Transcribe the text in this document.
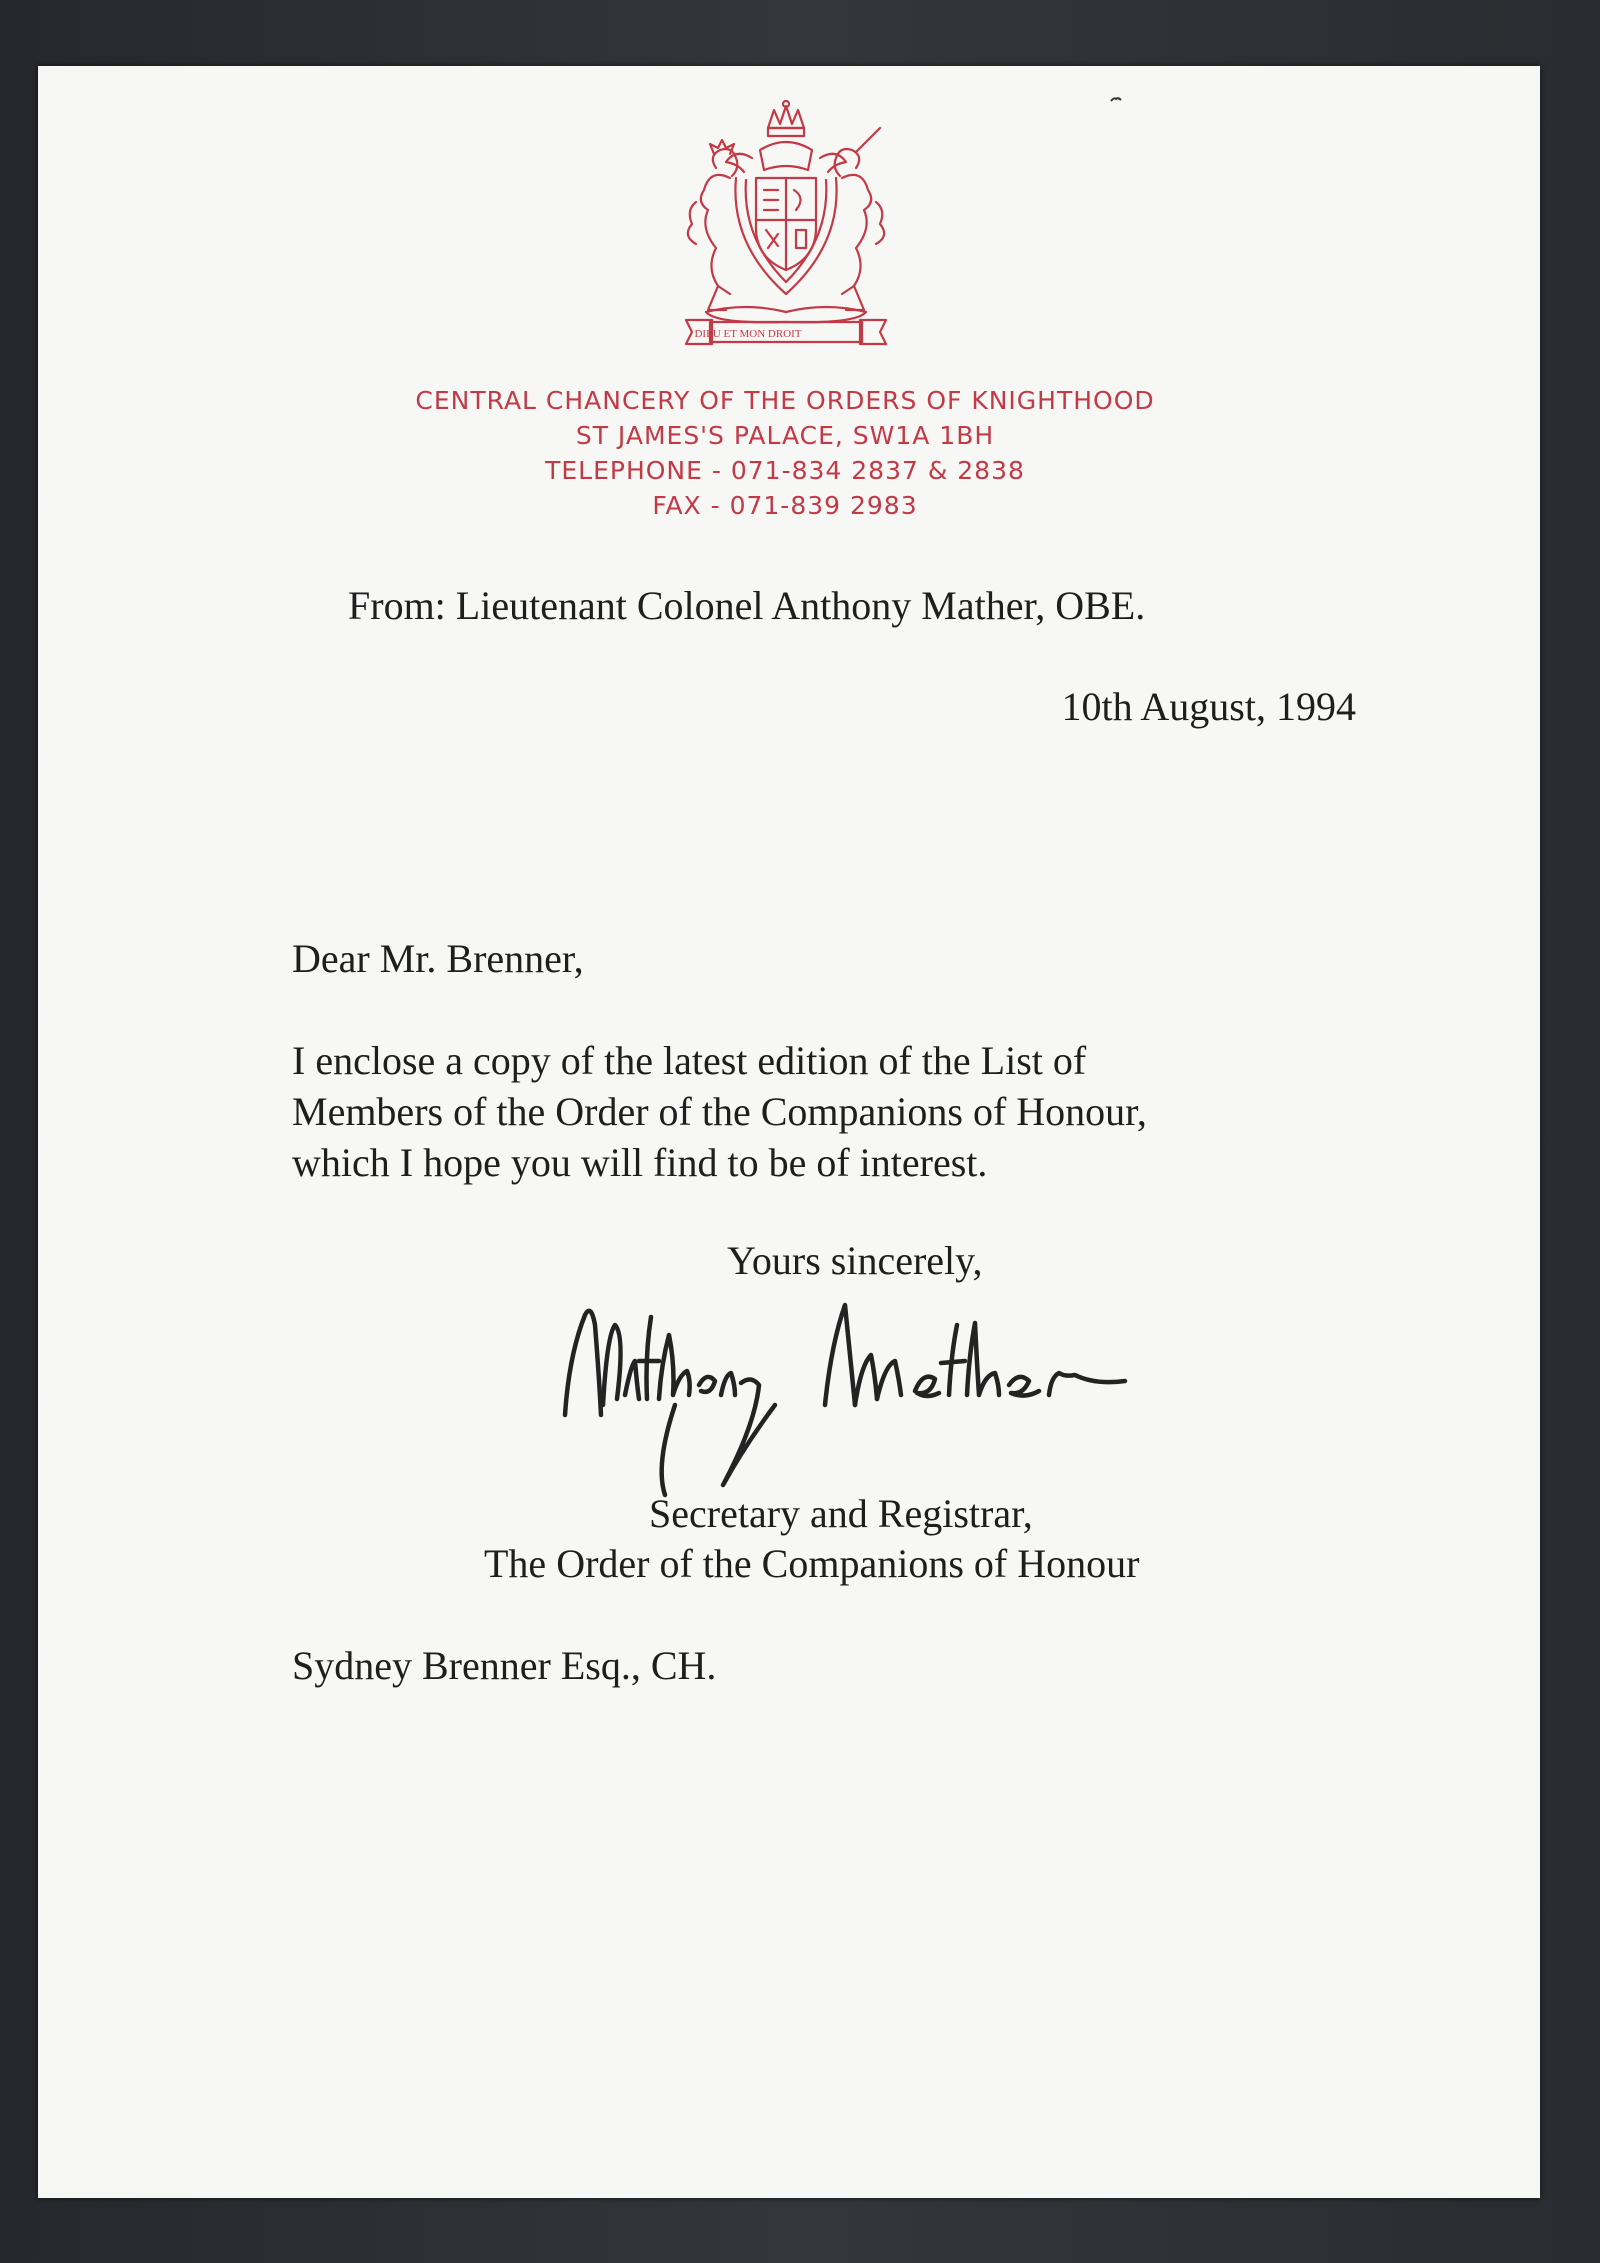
DIEU ET MON DROIT
CENTRAL CHANCERY OF THE ORDERS OF KNIGHTHOOD
ST JAMES'S PALACE, SW1A 1BH
TELEPHONE - 071-834 2837 & 2838
FAX - 071-839 2983
From: Lieutenant Colonel Anthony Mather, OBE.
10th August, 1994
Dear Mr. Brenner,
I enclose a copy of the latest edition of the List of
Members of the Order of the Companions of Honour,
which I hope you will find to be of interest.
Yours sincerely,
Secretary and Registrar,
The Order of the Companions of Honour
Sydney Brenner Esq., CH.
